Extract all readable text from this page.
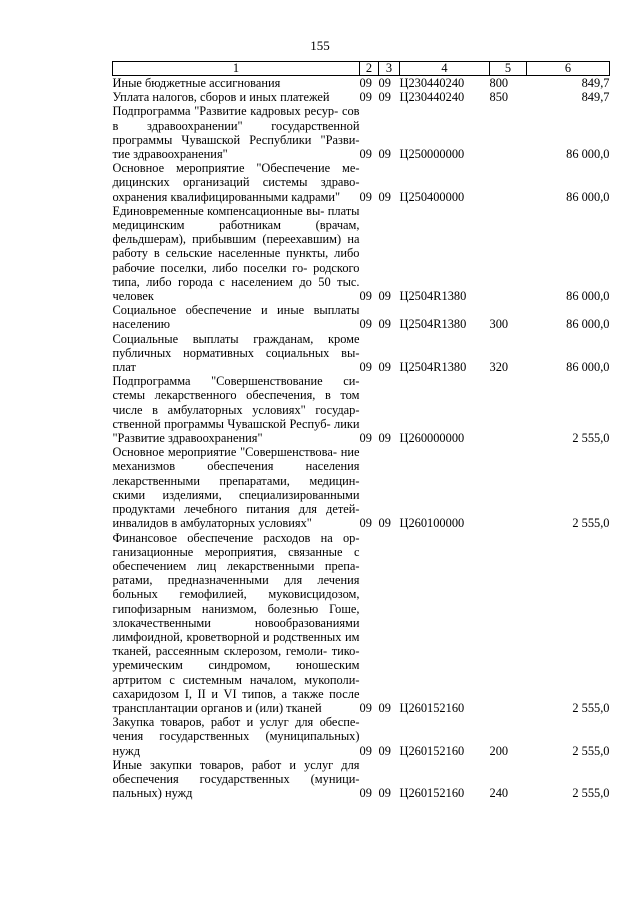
155
1	2	3	4	5	6
Иные бюджетные ассигнования	09	09	Ц230440240	800	849,7
Уплата налогов, сборов и иных платежей	09	09	Ц230440240	850	849,7
Подпрограмма "Развитие кадровых ресур- сов в здравоохранении" государственной программы Чувашской Республики "Разви- тие здравоохранения"	09	09	Ц250000000		86 000,0
Основное мероприятие "Обеспечение ме- дицинских организаций системы здраво- охранения квалифицированными кадрами"	09	09	Ц250400000		86 000,0
Единовременные компенсационные вы- платы медицинским работникам (врачам, фельдшерам), прибывшим (переехавшим) на работу в сельские населенные пункты, либо рабочие поселки, либо поселки го- родского типа, либо города с населением до 50 тыс. человек	09	09	Ц2504R1380		86 000,0
Социальное обеспечение и иные выплаты населению	09	09	Ц2504R1380	300	86 000,0
Социальные выплаты гражданам, кроме публичных нормативных социальных вы- плат	09	09	Ц2504R1380	320	86 000,0
Подпрограмма "Совершенствование си- стемы лекарственного обеспечения, в том числе в амбулаторных условиях" государ- ственной программы Чувашской Респуб- лики "Развитие здравоохранения"	09	09	Ц260000000		2 555,0
Основное мероприятие "Совершенствова- ние механизмов обеспечения населения лекарственными препаратами, медицин- скими изделиями, специализированными продуктами лечебного питания для детей- инвалидов в амбулаторных условиях"	09	09	Ц260100000		2 555,0
Финансовое обеспечение расходов на ор- ганизационные мероприятия, связанные с обеспечением лиц лекарственными препа- ратами, предназначенными для лечения больных гемофилией, муковисцидозом, гипофизарным нанизмом, болезнью Гоше, злокачественными новообразованиями лимфоидной, кроветворной и родственных им тканей, рассеянным склерозом, гемоли- тико-уремическим синдромом, юношеским артритом с системным началом, мукополи- сахаридозом I, II и VI типов, а также после трансплантации органов и (или) тканей	09	09	Ц260152160		2 555,0
Закупка товаров, работ и услуг для обеспе- чения государственных (муниципальных) нужд	09	09	Ц260152160	200	2 555,0
Иные закупки товаров, работ и услуг для обеспечения государственных (муници- пальных) нужд	09	09	Ц260152160	240	2 555,0
